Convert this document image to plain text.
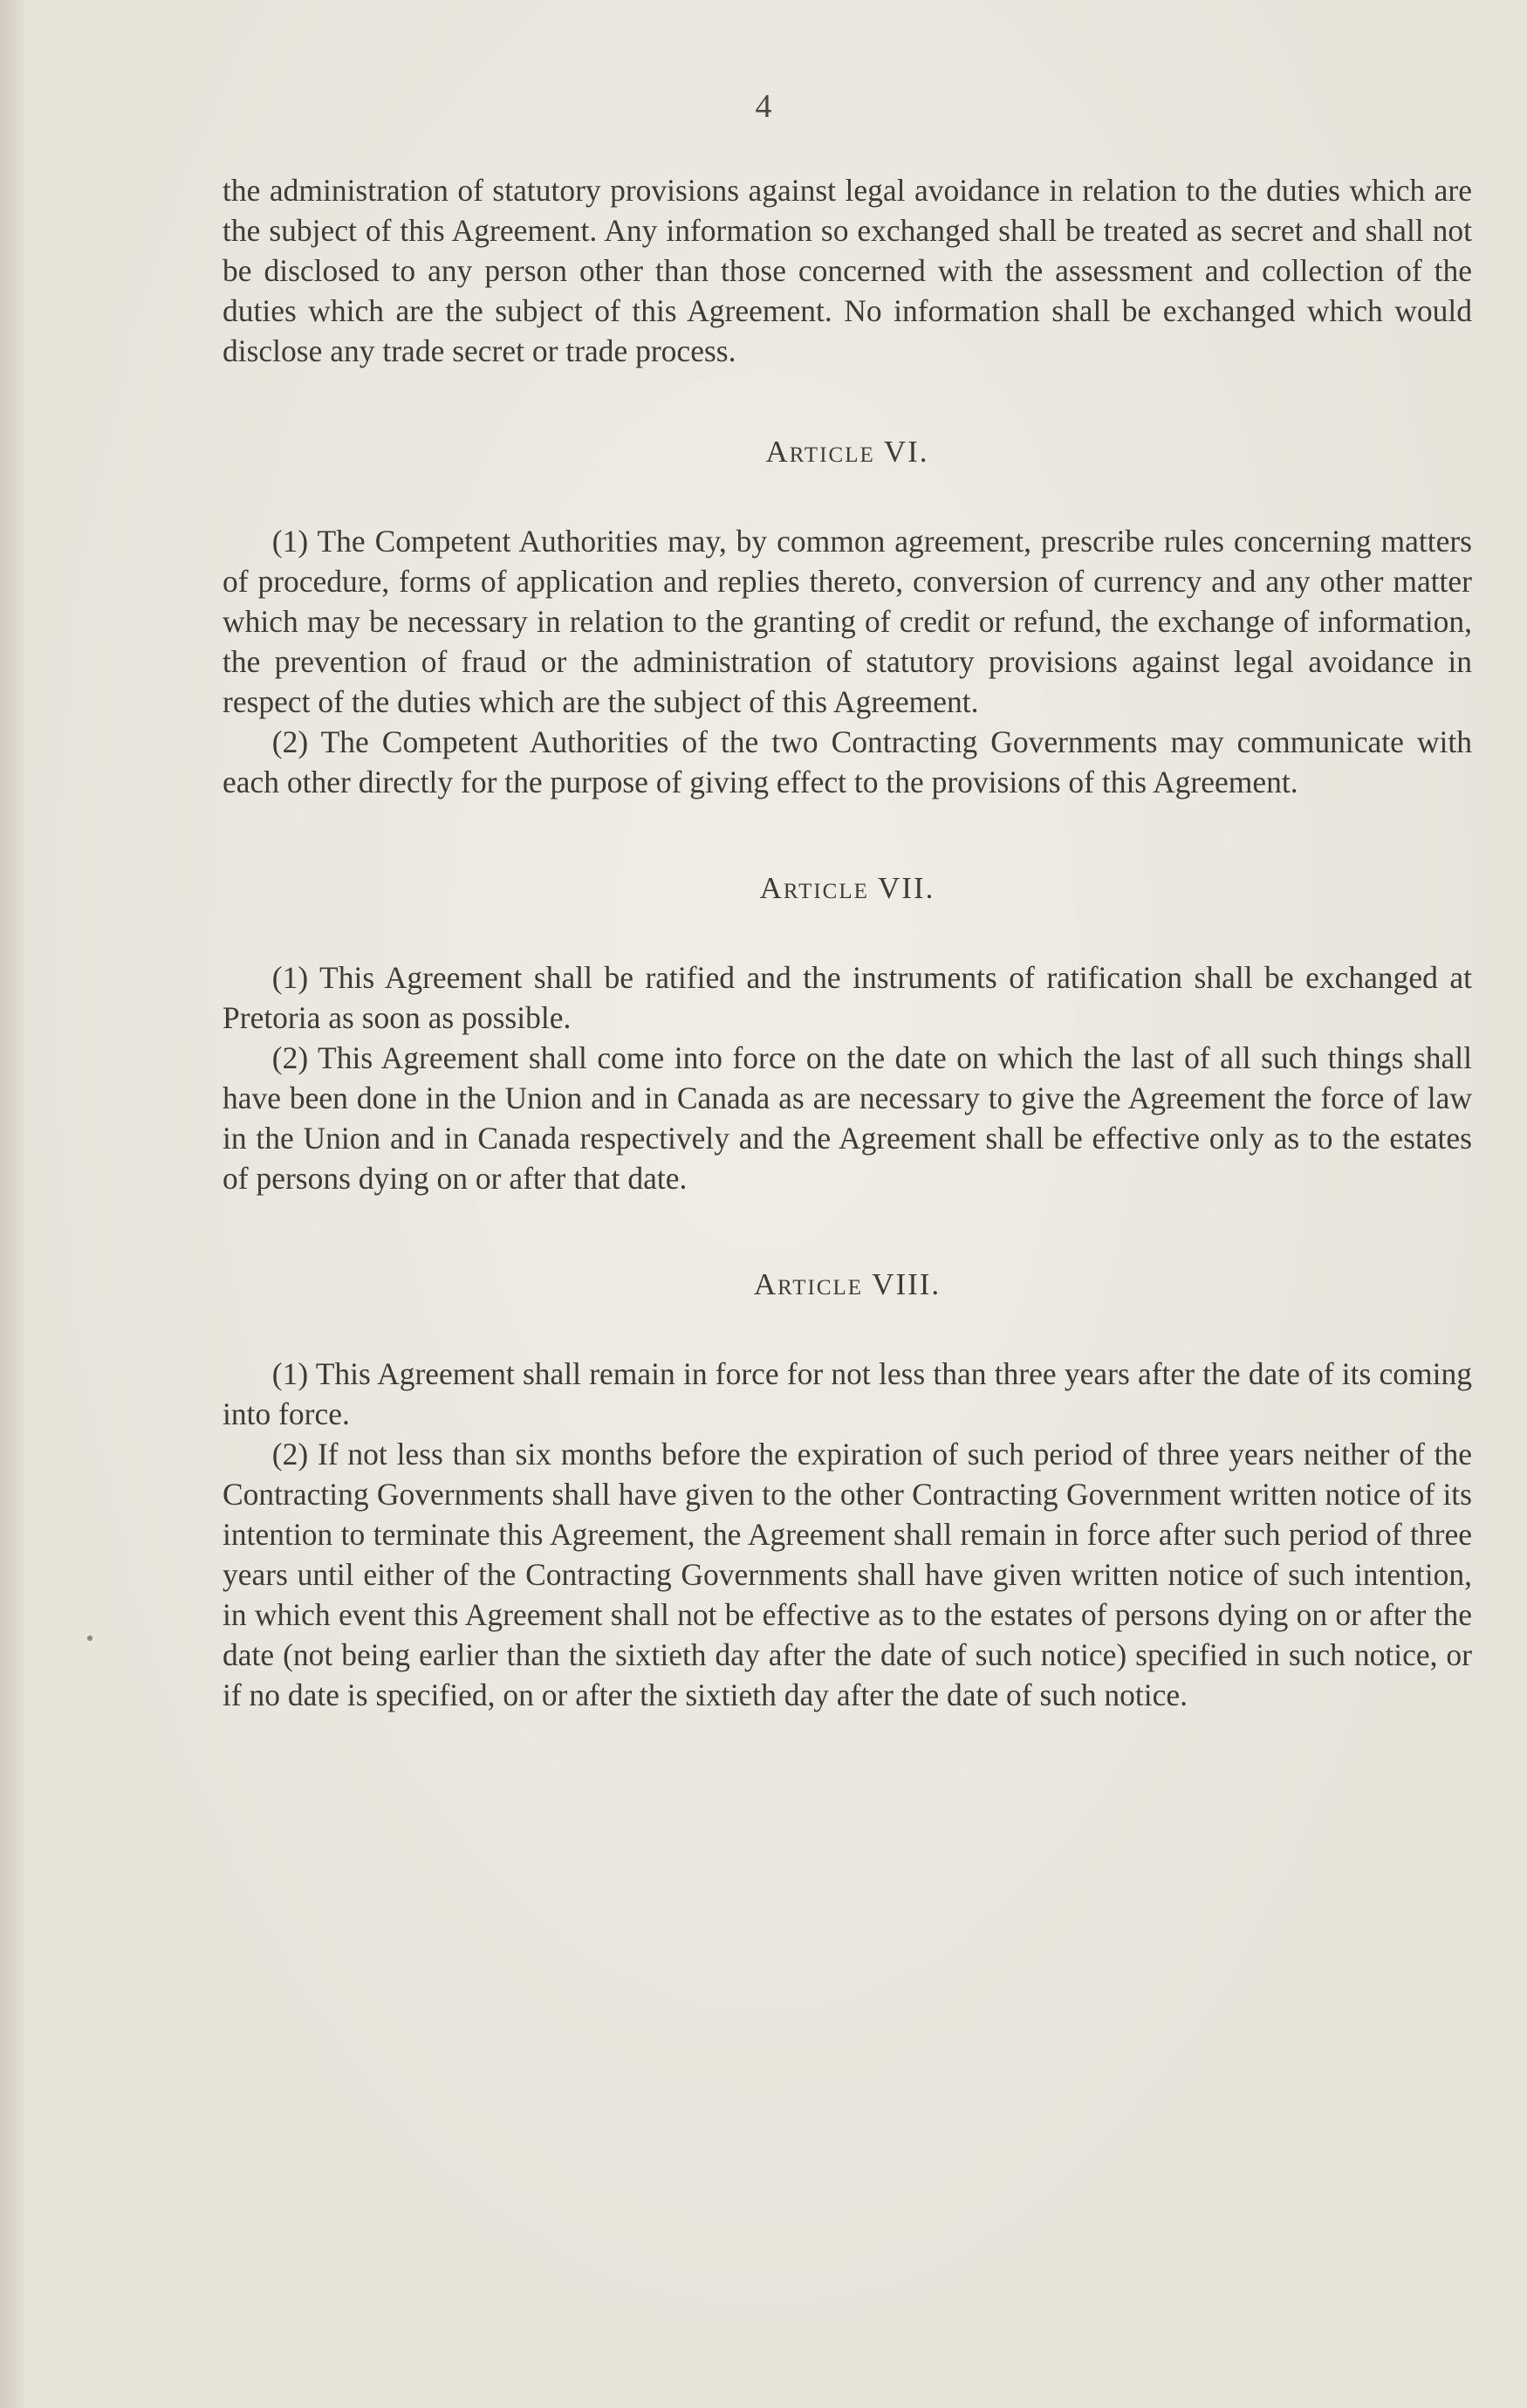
4

the administration of statutory provisions against legal avoidance in relation to the duties which are the subject of this Agreement. Any information so exchanged shall be treated as secret and shall not be disclosed to any person other than those concerned with the assessment and collection of the duties which are the subject of this Agreement. No information shall be exchanged which would disclose any trade secret or trade process.

Article VI.

(1) The Competent Authorities may, by common agreement, prescribe rules concerning matters of procedure, forms of application and replies thereto, conversion of currency and any other matter which may be necessary in relation to the granting of credit or refund, the exchange of information, the prevention of fraud or the administration of statutory provisions against legal avoidance in respect of the duties which are the subject of this Agreement.

(2) The Competent Authorities of the two Contracting Governments may communicate with each other directly for the purpose of giving effect to the provisions of this Agreement.

Article VII.

(1) This Agreement shall be ratified and the instruments of ratification shall be exchanged at Pretoria as soon as possible.

(2) This Agreement shall come into force on the date on which the last of all such things shall have been done in the Union and in Canada as are necessary to give the Agreement the force of law in the Union and in Canada respectively and the Agreement shall be effective only as to the estates of persons dying on or after that date.

Article VIII.

(1) This Agreement shall remain in force for not less than three years after the date of its coming into force.

(2) If not less than six months before the expiration of such period of three years neither of the Contracting Governments shall have given to the other Contracting Government written notice of its intention to terminate this Agreement, the Agreement shall remain in force after such period of three years until either of the Contracting Governments shall have given written notice of such intention, in which event this Agreement shall not be effective as to the estates of persons dying on or after the date (not being earlier than the sixtieth day after the date of such notice) specified in such notice, or if no date is specified, on or after the sixtieth day after the date of such notice.
